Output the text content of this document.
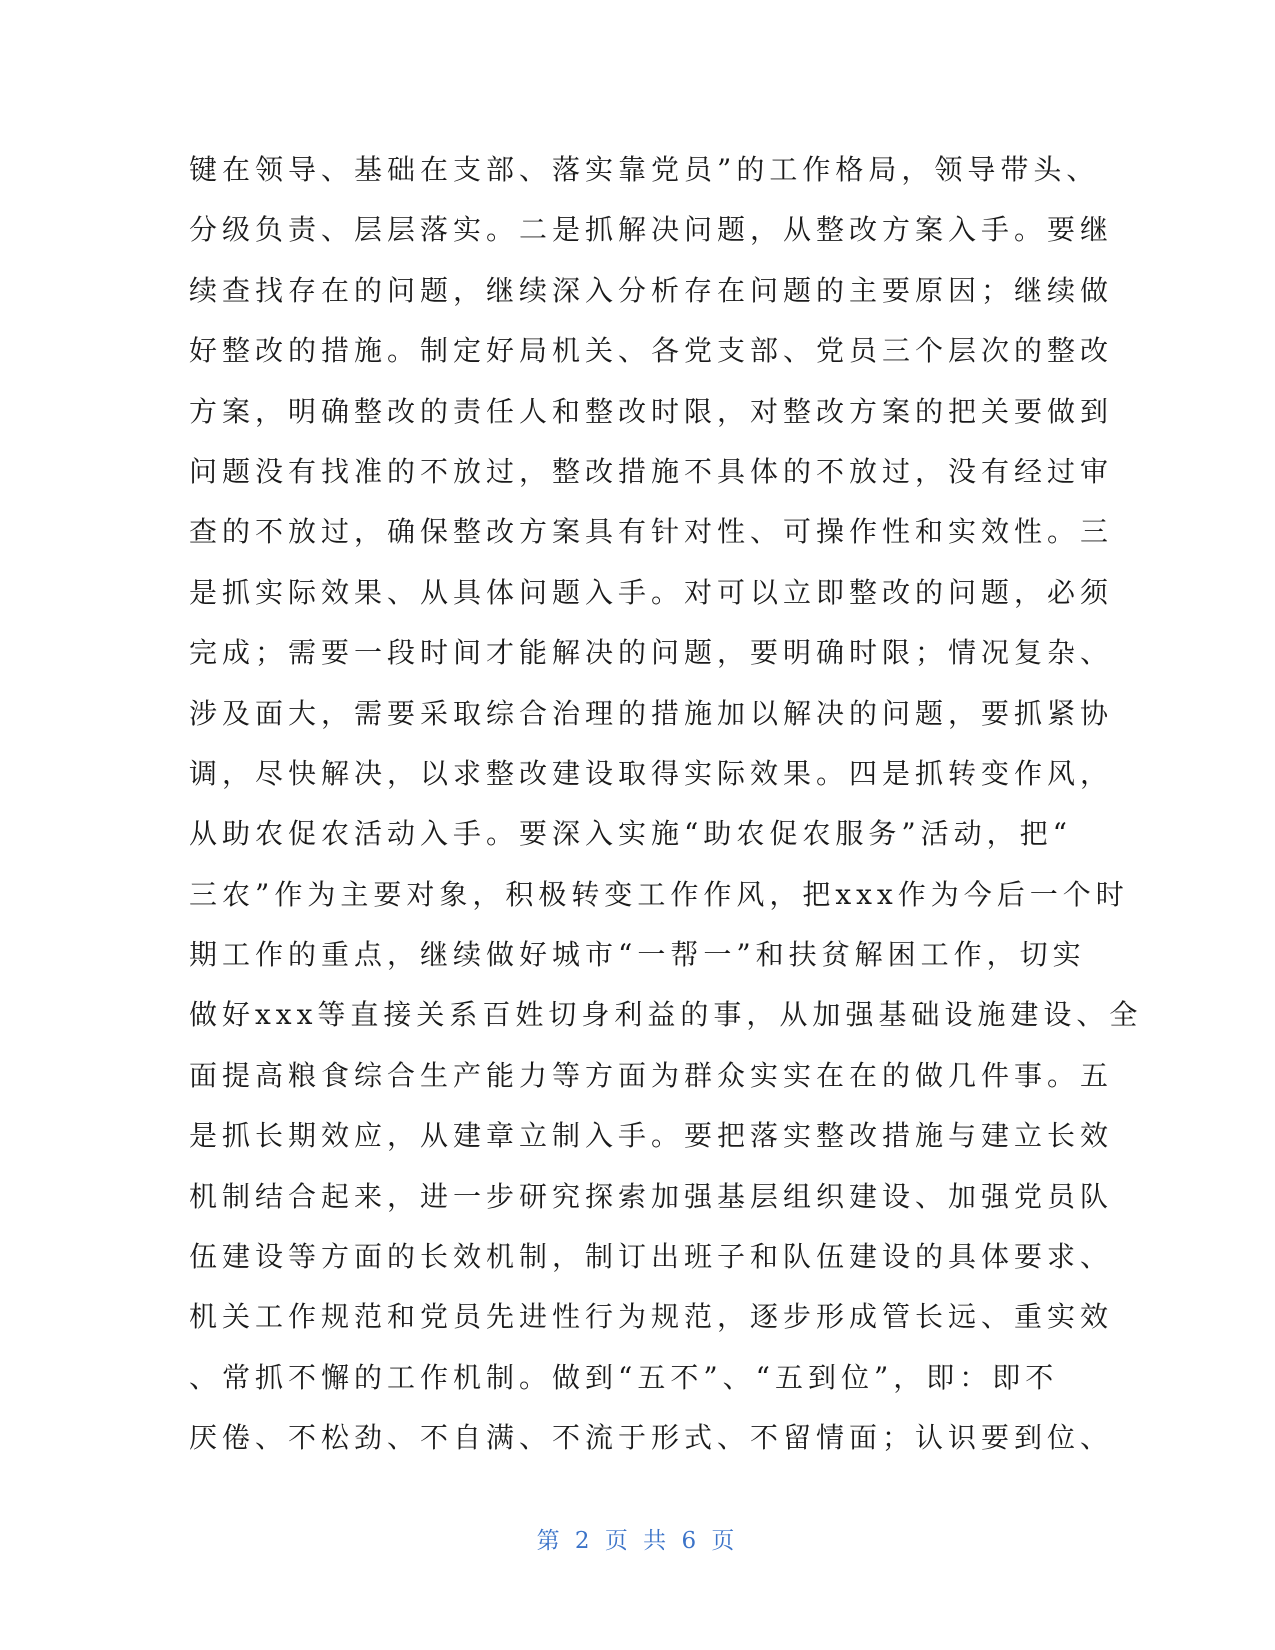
键在领导、基础在支部、落实靠党员”的工作格局，领导带头、
分级负责、层层落实。二是抓解决问题，从整改方案入手。要继
续查找存在的问题，继续深入分析存在问题的主要原因；继续做
好整改的措施。制定好局机关、各党支部、党员三个层次的整改
方案，明确整改的责任人和整改时限，对整改方案的把关要做到
问题没有找准的不放过，整改措施不具体的不放过，没有经过审
查的不放过，确保整改方案具有针对性、可操作性和实效性。三
是抓实际效果、从具体问题入手。对可以立即整改的问题，必须
完成；需要一段时间才能解决的问题，要明确时限；情况复杂、
涉及面大，需要采取综合治理的措施加以解决的问题，要抓紧协
调，尽快解决，以求整改建设取得实际效果。四是抓转变作风，
从助农促农活动入手。要深入实施“助农促农服务”活动，把“
三农”作为主要对象，积极转变工作作风，把xxx作为今后一个时
期工作的重点，继续做好城市“一帮一”和扶贫解困工作，切实
做好xxx等直接关系百姓切身利益的事，从加强基础设施建设、全
面提高粮食综合生产能力等方面为群众实实在在的做几件事。五
是抓长期效应，从建章立制入手。要把落实整改措施与建立长效
机制结合起来，进一步研究探索加强基层组织建设、加强党员队
伍建设等方面的长效机制，制订出班子和队伍建设的具体要求、
机关工作规范和党员先进性行为规范，逐步形成管长远、重实效
、常抓不懈的工作机制。做到“五不”、“五到位”，即：即不
厌倦、不松劲、不自满、不流于形式、不留情面；认识要到位、
第 2 页 共 6 页
